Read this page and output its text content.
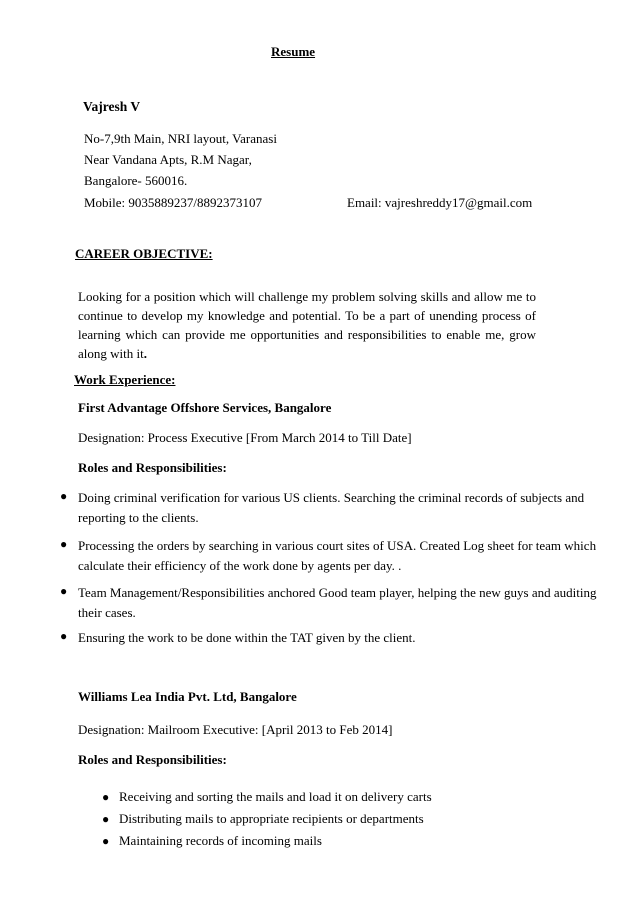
Resume
Vajresh V
No-7,9th Main, NRI layout, Varanasi
Near Vandana Apts, R.M Nagar,
Bangalore- 560016.
Mobile: 9035889237/8892373107	Email: vajreshreddy17@gmail.com
CAREER OBJECTIVE:
Looking for a position which will challenge my problem solving skills and allow me to continue to develop my knowledge and potential. To be a part of unending process of learning which can provide me opportunities and responsibilities to enable me, grow along with it.
Work Experience:
First Advantage Offshore Services, Bangalore
Designation: Process Executive [From March 2014 to Till Date]
Roles and Responsibilities:
● Doing criminal verification for various US clients. Searching the criminal records of subjects and reporting to the clients.
● Processing the orders by searching in various court sites of USA. Created Log sheet for team which calculate their efficiency of the work done by agents per day. .
● Team Management/Responsibilities anchored Good team player, helping the new guys and auditing their cases.
● Ensuring the work to be done within the TAT given by the client.
Williams Lea India Pvt. Ltd, Bangalore
Designation: Mailroom Executive: [April 2013 to Feb 2014]
Roles and Responsibilities:
● Receiving and sorting the mails and load it on delivery carts
● Distributing mails to appropriate recipients or departments
● Maintaining records of incoming mails
